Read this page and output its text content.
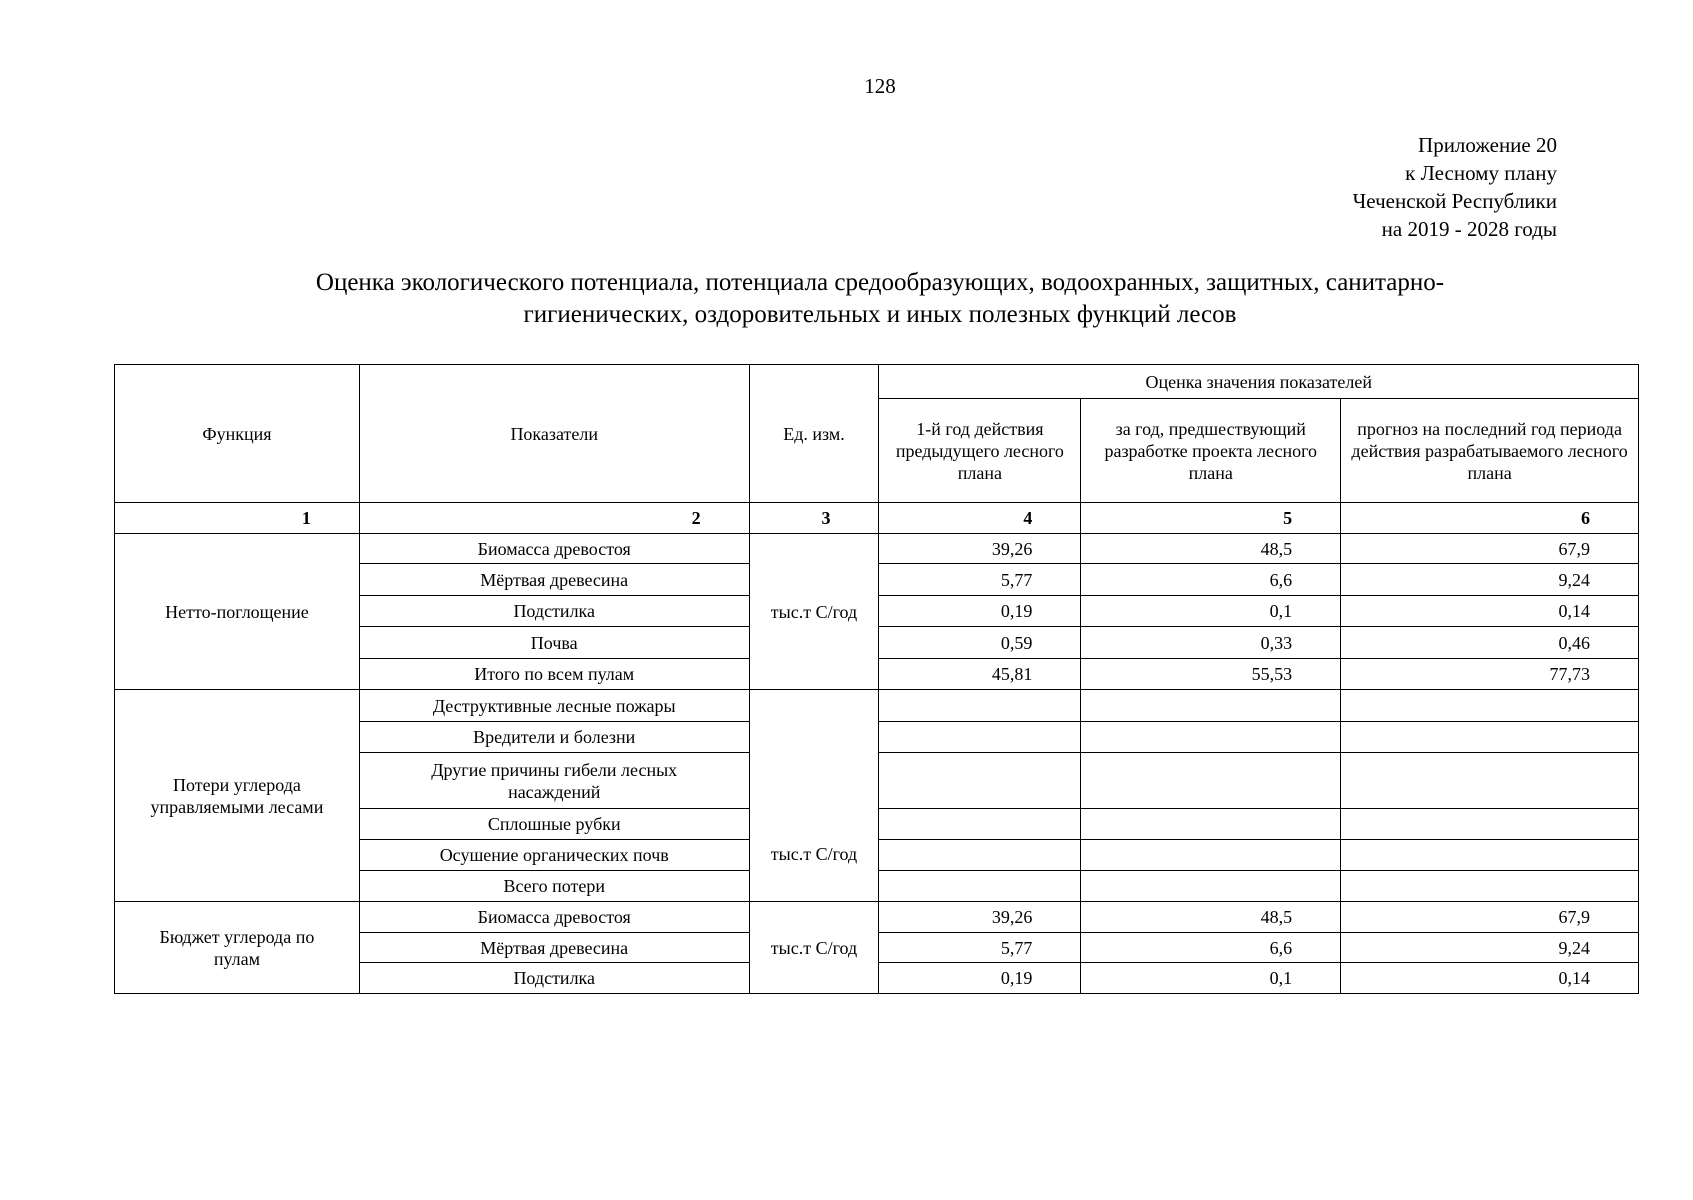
128
Приложение 20
к Лесному плану
Чеченской Республики
на 2019 - 2028 годы
Оценка экологического потенциала, потенциала средообразующих, водоохранных, защитных, санитарно-
гигиенических, оздоровительных и иных полезных функций лесов
Функция	Показатели	Ед. изм.	Оценка значения показателей		
			1-й год действия предыдущего лесного плана	за год, предшествующий разработке проекта лесного плана	прогноз на последний год периода действия разрабатываемого лесного плана
1	2	3	4	5	6
Нетто-поглощение	Биомасса древостоя	тыс.т С/год	39,26	48,5	67,9
	Мёртвая древесина		5,77	6,6	9,24
	Подстилка		0,19	0,1	0,14
	Почва		0,59	0,33	0,46
	Итого по всем пулам		45,81	55,53	77,73
Потери углерода управляемыми лесами	Деструктивные лесные пожары	тыс.т С/год			
	Вредители и болезни				
	Другие причины гибели лесных насаждений				
	Сплошные рубки				
	Осушение органических почв				
	Всего потери				
Бюджет углерода по пулам	Биомасса древостоя	тыс.т С/год	39,26	48,5	67,9
	Мёртвая древесина		5,77	6,6	9,24
	Подстилка		0,19	0,1	0,14
